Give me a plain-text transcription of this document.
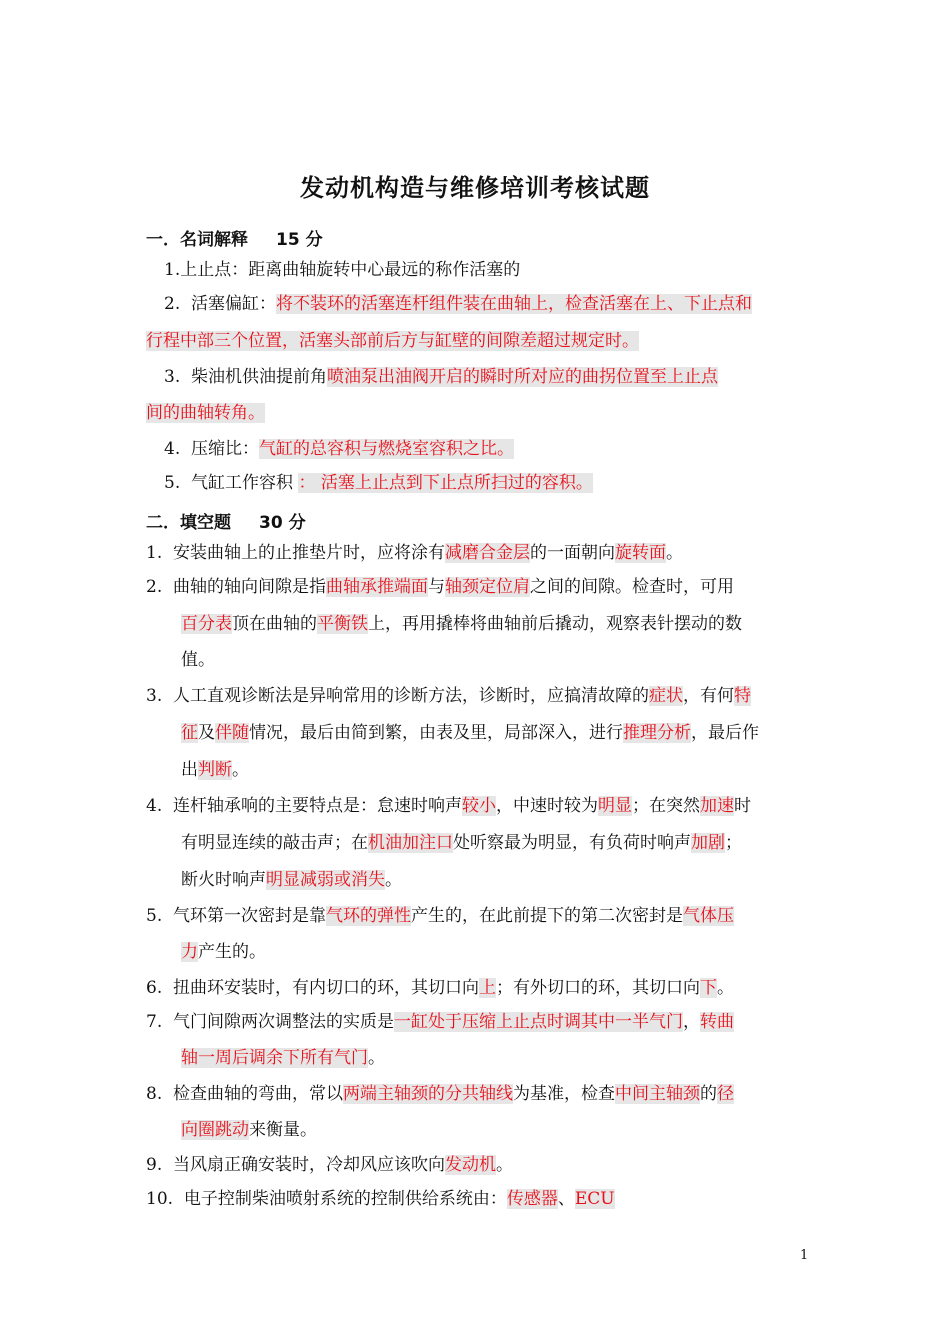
发动机构造与维修培训考核试题
一．名词解释 15 分
1.上止点：距离曲轴旋转中心最远的称作活塞的
2. 活塞偏缸：将不装环的活塞连杆组件装在曲轴上，检查活塞在上、下止点和
行程中部三个位置，活塞头部前后方与缸壁的间隙差超过规定时。
3. 柴油机供油提前角喷油泵出油阀开启的瞬时所对应的曲拐位置至上止点
间的曲轴转角。
4. 压缩比：气缸的总容积与燃烧室容积之比。
5. 气缸工作容积 ： 活塞上止点到下止点所扫过的容积。
二．填空题 30 分
1. 安装曲轴上的止推垫片时，应将涂有减磨合金层的一面朝向旋转面。
2. 曲轴的轴向间隙是指曲轴承推端面与轴颈定位肩之间的间隙。检查时，可用
百分表顶在曲轴的平衡铁上，再用撬棒将曲轴前后撬动，观察表针摆动的数
值。
3. 人工直观诊断法是异响常用的诊断方法，诊断时，应搞清故障的症状，有何特
征及伴随情况，最后由简到繁，由表及里，局部深入，进行推理分析，最后作
出判断。
4. 连杆轴承响的主要特点是：怠速时响声较小，中速时较为明显；在突然加速时
有明显连续的敲击声；在机油加注口处听察最为明显，有负荷时响声加剧；
断火时响声明显减弱或消失。
5. 气环第一次密封是靠气环的弹性产生的，在此前提下的第二次密封是气体压
力产生的。
6. 扭曲环安装时，有内切口的环，其切口向上；有外切口的环，其切口向下。
7. 气门间隙两次调整法的实质是一缸处于压缩上止点时调其中一半气门，转曲
轴一周后调余下所有气门。
8. 检查曲轴的弯曲，常以两端主轴颈的分共轴线为基准，检查中间主轴颈的径
向圈跳动来衡量。
9. 当风扇正确安装时，冷却风应该吹向发动机。
10. 电子控制柴油喷射系统的控制供给系统由：传感器、ECU
1
